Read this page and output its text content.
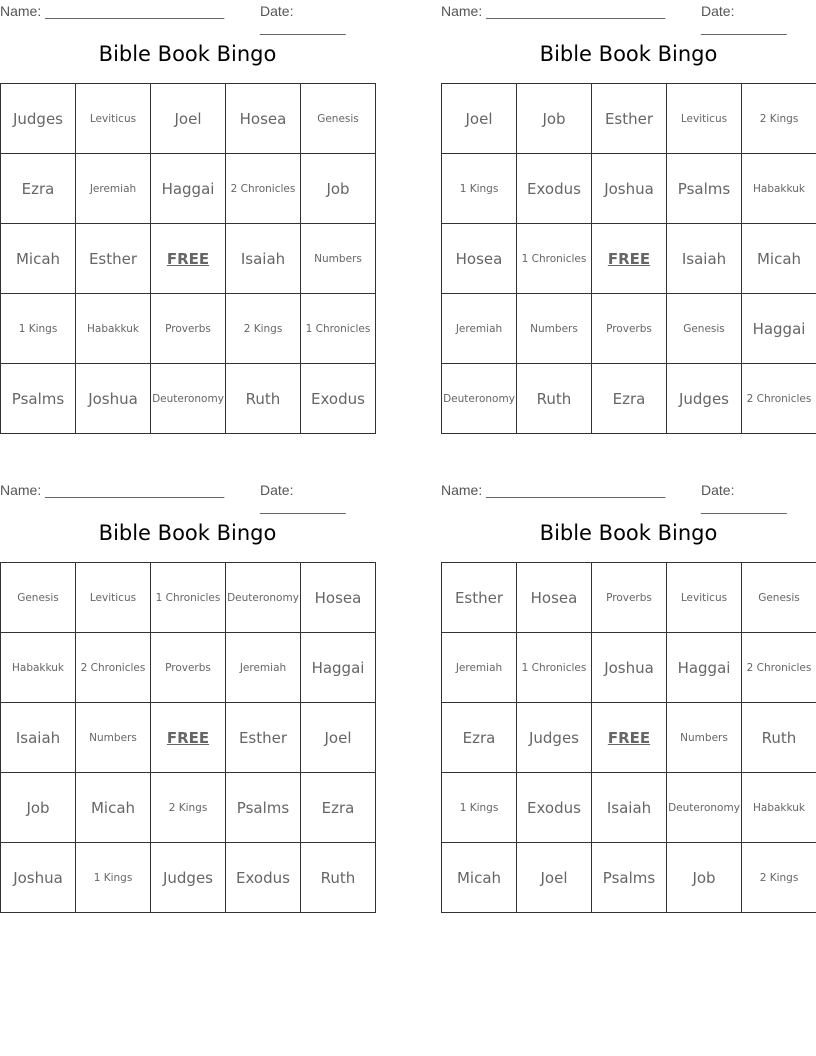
Name: _______________________	Date: ___________
Bible Book Bingo
Judges	Leviticus	Joel	Hosea	Genesis
Ezra	Jeremiah	Haggai	2 Chronicles	Job
Micah	Esther	FREE	Isaiah	Numbers
1 Kings	Habakkuk	Proverbs	2 Kings	1 Chronicles
Psalms	Joshua	Deuteronomy	Ruth	Exodus
Name: _______________________	Date: ___________
Bible Book Bingo
Joel	Job	Esther	Leviticus	2 Kings
1 Kings	Exodus	Joshua	Psalms	Habakkuk
Hosea	1 Chronicles	FREE	Isaiah	Micah
Jeremiah	Numbers	Proverbs	Genesis	Haggai
Deuteronomy	Ruth	Ezra	Judges	2 Chronicles
Name: _______________________	Date: ___________
Bible Book Bingo
Genesis	Leviticus	1 Chronicles	Deuteronomy	Hosea
Habakkuk	2 Chronicles	Proverbs	Jeremiah	Haggai
Isaiah	Numbers	FREE	Esther	Joel
Job	Micah	2 Kings	Psalms	Ezra
Joshua	1 Kings	Judges	Exodus	Ruth
Name: _______________________	Date: ___________
Bible Book Bingo
Esther	Hosea	Proverbs	Leviticus	Genesis
Jeremiah	1 Chronicles	Joshua	Haggai	2 Chronicles
Ezra	Judges	FREE	Numbers	Ruth
1 Kings	Exodus	Isaiah	Deuteronomy	Habakkuk
Micah	Joel	Psalms	Job	2 Kings
